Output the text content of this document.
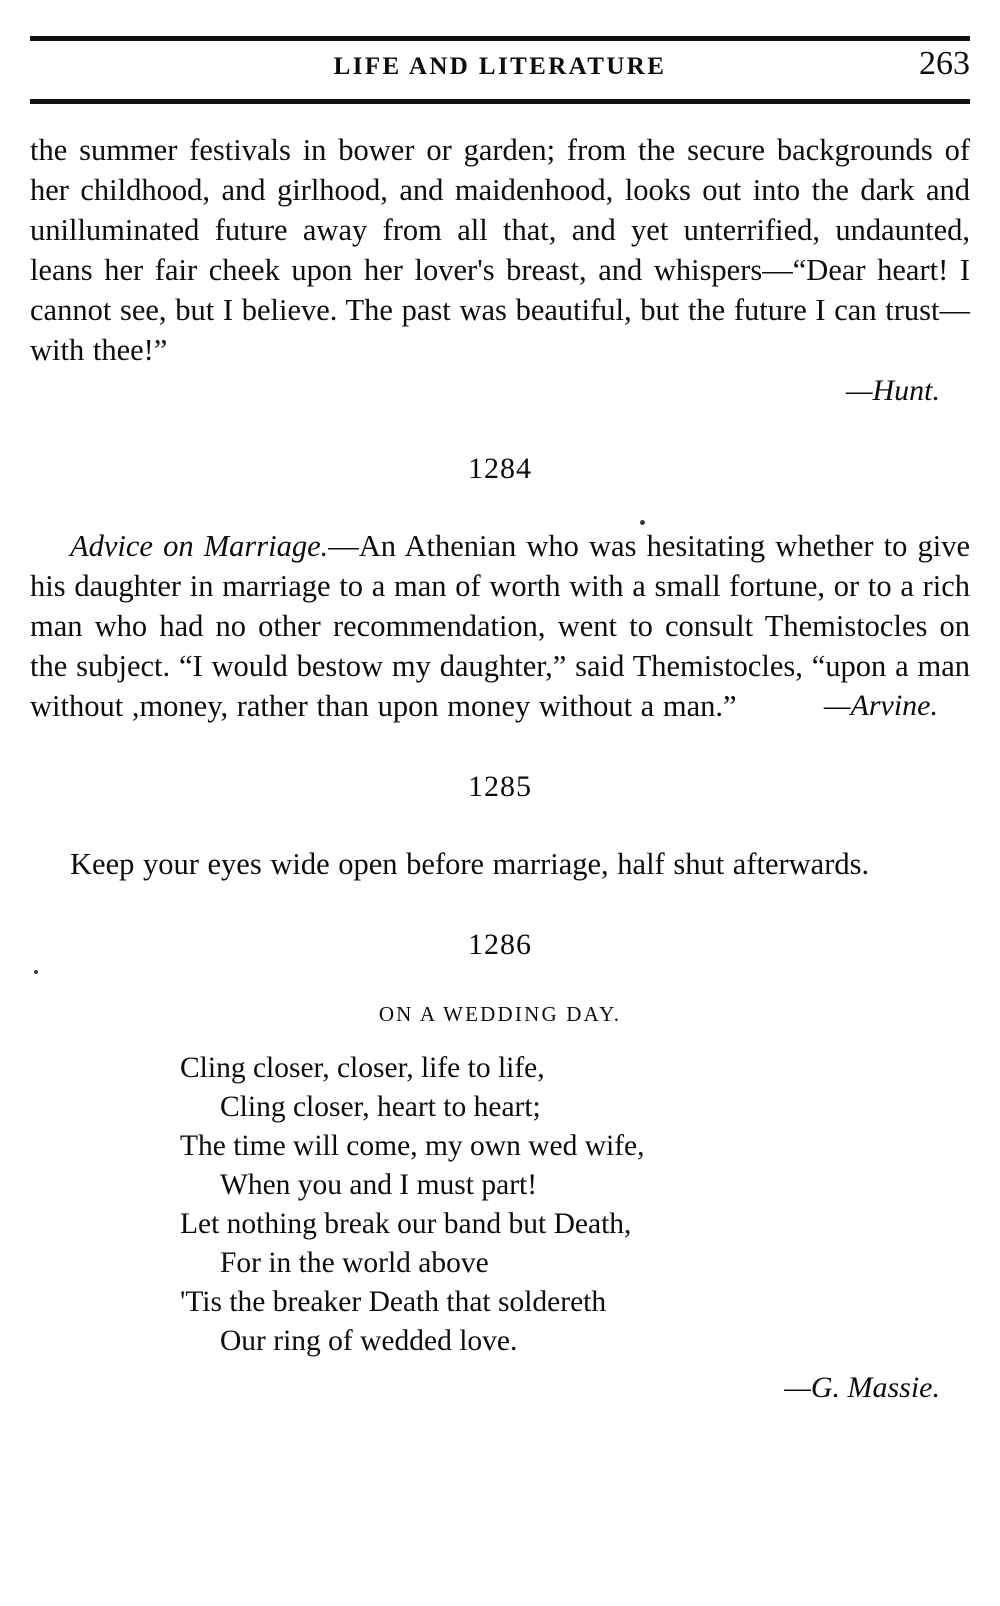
LIFE AND LITERATURE	263

the summer festivals in bower or garden; from the secure backgrounds of her childhood, and girlhood, and maidenhood, looks out into the dark and unilluminated future away from all that, and yet unterrified, undaunted, leans her fair cheek upon her lover's breast, and whispers—“Dear heart! I cannot see, but I believe. The past was beautiful, but the future I can trust—with thee!”

—Hunt.

1284

Advice on Marriage.—An Athenian who was hesitating whether to give his daughter in marriage to a man of worth with a small fortune, or to a rich man who had no other recommendation, went to consult Themistocles on the subject. “I would bestow my daughter,” said Themistocles, “upon a man without ,money, rather than upon money without a man.”	—Arvine.

1285

Keep your eyes wide open before marriage, half shut afterwards.

1286
ON A WEDDING DAY.
Cling closer, closer, life to life,
Cling closer, heart to heart;
The time will come, my own wed wife,
When you and I must part!
Let nothing break our band but Death,
For in the world above
'Tis the breaker Death that soldereth
Our ring of wedded love.
—G. Massie.
